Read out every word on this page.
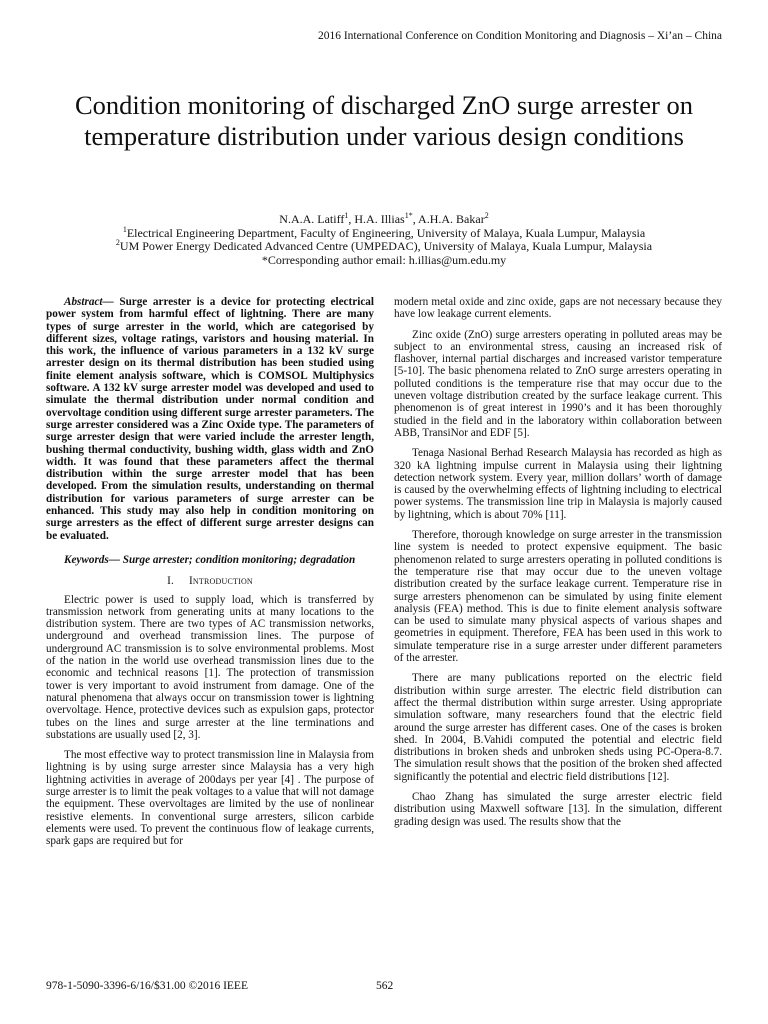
2016 International Conference on Condition Monitoring and Diagnosis – Xi’an – China
Condition monitoring of discharged ZnO surge arrester on temperature distribution under various design conditions
N.A.A. Latiff$^1$, H.A. Illias$^{1*}$, A.H.A. Bakar$^2$
$^1$Electrical Engineering Department, Faculty of Engineering, University of Malaya, Kuala Lumpur, Malaysia
$^2$UM Power Energy Dedicated Advanced Centre (UMPEDAC), University of Malaya, Kuala Lumpur, Malaysia
*Corresponding author email: h.illias@um.edu.my

Abstract— Surge arrester is a device for protecting electrical power system from harmful effect of lightning. There are many types of surge arrester in the world, which are categorised by different sizes, voltage ratings, varistors and housing material. In this work, the influence of various parameters in a 132 kV surge arrester design on its thermal distribution has been studied using finite element analysis software, which is COMSOL Multiphysics software. A 132 kV surge arrester model was developed and used to simulate the thermal distribution under normal condition and overvoltage condition using different surge arrester parameters. The surge arrester considered was a Zinc Oxide type. The parameters of surge arrester design that were varied include the arrester length, bushing thermal conductivity, bushing width, glass width and ZnO width. It was found that these parameters affect the thermal distribution within the surge arrester model that has been developed. From the simulation results, understanding on thermal distribution for various parameters of surge arrester can be enhanced. This study may also help in condition monitoring on surge arresters as the effect of different surge arrester designs can be evaluated.

Keywords— Surge arrester; condition monitoring; degradation

I. Introduction

Electric power is used to supply load, which is transferred by transmission network from generating units at many locations to the distribution system. There are two types of AC transmission networks, underground and overhead transmission lines. The purpose of underground AC transmission is to solve environmental problems. Most of the nation in the world use overhead transmission lines due to the economic and technical reasons [1]. The protection of transmission tower is very important to avoid instrument from damage. One of the natural phenomena that always occur on transmission tower is lightning overvoltage. Hence, protective devices such as expulsion gaps, protector tubes on the lines and surge arrester at the line terminations and substations are usually used [2, 3].

The most effective way to protect transmission line in Malaysia from lightning is by using surge arrester since Malaysia has a very high lightning activities in average of 200days per year [4] . The purpose of surge arrester is to limit the peak voltages to a value that will not damage the equipment. These overvoltages are limited by the use of nonlinear resistive elements. In conventional surge arresters, silicon carbide elements were used. To prevent the continuous flow of leakage currents, spark gaps are required but for

modern metal oxide and zinc oxide, gaps are not necessary because they have low leakage current elements.

Zinc oxide (ZnO) surge arresters operating in polluted areas may be subject to an environmental stress, causing an increased risk of flashover, internal partial discharges and increased varistor temperature [5-10]. The basic phenomena related to ZnO surge arresters operating in polluted conditions is the temperature rise that may occur due to the uneven voltage distribution created by the surface leakage current. This phenomenon is of great interest in 1990’s and it has been thoroughly studied in the field and in the laboratory within collaboration between ABB, TransiNor and EDF [5].

Tenaga Nasional Berhad Research Malaysia has recorded as high as 320 kA lightning impulse current in Malaysia using their lightning detection network system. Every year, million dollars’ worth of damage is caused by the overwhelming effects of lightning including to electrical power systems. The transmission line trip in Malaysia is majorly caused by lightning, which is about 70% [11].

Therefore, thorough knowledge on surge arrester in the transmission line system is needed to protect expensive equipment. The basic phenomenon related to surge arresters operating in polluted conditions is the temperature rise that may occur due to the uneven voltage distribution created by the surface leakage current. Temperature rise in surge arresters phenomenon can be simulated by using finite element analysis (FEA) method. This is due to finite element analysis software can be used to simulate many physical aspects of various shapes and geometries in equipment. Therefore, FEA has been used in this work to simulate temperature rise in a surge arrester under different parameters of the arrester.

There are many publications reported on the electric field distribution within surge arrester. The electric field distribution can affect the thermal distribution within surge arrester. Using appropriate simulation software, many researchers found that the electric field around the surge arrester has different cases. One of the cases is broken shed. In 2004, B.Vahidi computed the potential and electric field distributions in broken sheds and unbroken sheds using PC-Opera-8.7. The simulation result shows that the position of the broken shed affected significantly the potential and electric field distributions [12].

Chao Zhang has simulated the surge arrester electric field distribution using Maxwell software [13]. In the simulation, different grading design was used. The results show that the

978-1-5090-3396-6/16/$31.00 ©2016 IEEE	562
